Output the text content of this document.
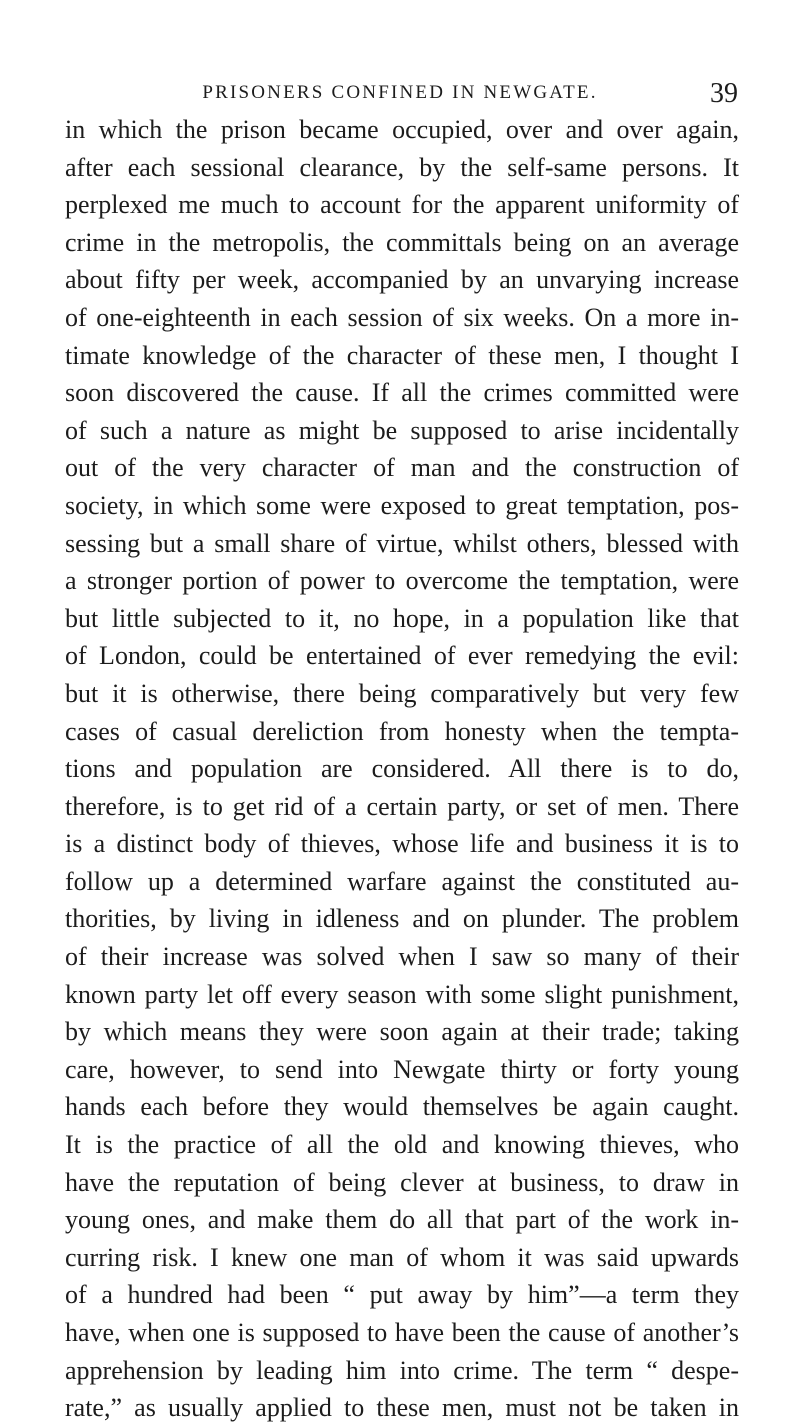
PRISONERS CONFINED IN NEWGATE.	39
in which the prison became occupied, over and over again,
after each sessional clearance, by the self-same persons. It
perplexed me much to account for the apparent uniformity of
crime in the metropolis, the committals being on an average
about fifty per week, accompanied by an unvarying increase
of one-eighteenth in each session of six weeks. On a more in-
timate knowledge of the character of these men, I thought I
soon discovered the cause. If all the crimes committed were
of such a nature as might be supposed to arise incidentally
out of the very character of man and the construction of
society, in which some were exposed to great temptation, pos-
sessing but a small share of virtue, whilst others, blessed with
a stronger portion of power to overcome the temptation, were
but little subjected to it, no hope, in a population like that
of London, could be entertained of ever remedying the evil:
but it is otherwise, there being comparatively but very few
cases of casual dereliction from honesty when the tempta-
tions and population are considered. All there is to do,
therefore, is to get rid of a certain party, or set of men. There
is a distinct body of thieves, whose life and business it is to
follow up a determined warfare against the constituted au-
thorities, by living in idleness and on plunder. The problem
of their increase was solved when I saw so many of their
known party let off every season with some slight punishment,
by which means they were soon again at their trade; taking
care, however, to send into Newgate thirty or forty young
hands each before they would themselves be again caught.
It is the practice of all the old and knowing thieves, who
have the reputation of being clever at business, to draw in
young ones, and make them do all that part of the work in-
curring risk. I knew one man of whom it was said upwards
of a hundred had been “ put away by him”—a term they
have, when one is supposed to have been the cause of another’s
apprehension by leading him into crime. The term “ despe-
rate,” as usually applied to these men, must not be taken in
